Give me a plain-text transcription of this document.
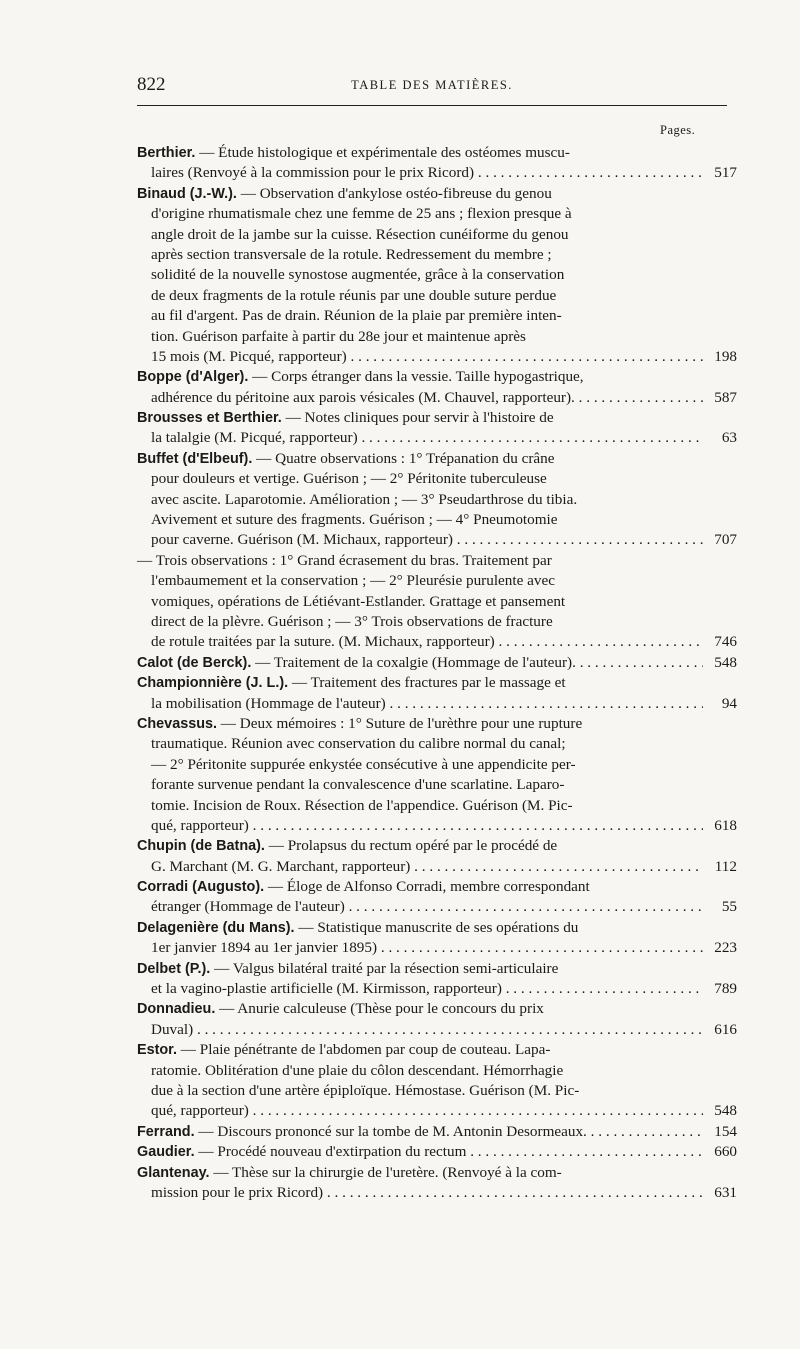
822	TABLE DES MATIÈRES.
Pages.
Berthier. — Étude histologique et expérimentale des ostéomes muscu-
laires (Renvoyé à la commission pour le prix Ricord) . . .	517
Binaud (J.-W.). — Observation d'ankylose ostéo-fibreuse du genou
d'origine rhumatismale chez une femme de 25 ans ; flexion presque à
angle droit de la jambe sur la cuisse. Résection cunéiforme du genou
après section transversale de la rotule. Redressement du membre ;
solidité de la nouvelle synostose augmentée, grâce à la conservation
de deux fragments de la rotule réunis par une double suture perdue
au fil d'argent. Pas de drain. Réunion de la plaie par première inten-
tion. Guérison parfaite à partir du 28e jour et maintenue après
15 mois (M. Picqué, rapporteur) . . .	198
Boppe (d'Alger). — Corps étranger dans la vessie. Taille hypogastrique,
adhérence du péritoine aux parois vésicales (M. Chauvel, rapporteur). . . .	587
Brousses et Berthier. — Notes cliniques pour servir à l'histoire de
la talalgie (M. Picqué, rapporteur) . . .	63
Buffet (d'Elbeuf). — Quatre observations : 1° Trépanation du crâne
pour douleurs et vertige. Guérison ; — 2° Péritonite tuberculeuse
avec ascite. Laparotomie. Amélioration ; — 3° Pseudarthrose du tibia.
Avivement et suture des fragments. Guérison ; — 4° Pneumotomie
pour caverne. Guérison (M. Michaux, rapporteur) . . .	707
— Trois observations : 1° Grand écrasement du bras. Traitement par
l'embaumement et la conservation ; — 2° Pleurésie purulente avec
vomiques, opérations de Létiévant-Estlander. Grattage et pansement
direct de la plèvre. Guérison ; — 3° Trois observations de fracture
de rotule traitées par la suture. (M. Michaux, rapporteur) . . .	746
Calot (de Berck). — Traitement de la coxalgie (Hommage de l'auteur). . . .	548
Championnière (J. L.). — Traitement des fractures par le massage et
la mobilisation (Hommage de l'auteur) . . .	94
Chevassus. — Deux mémoires : 1° Suture de l'urèthre pour une rupture
traumatique. Réunion avec conservation du calibre normal du canal;
— 2° Péritonite suppurée enkystée consécutive à une appendicite per-
forante survenue pendant la convalescence d'une scarlatine. Laparo-
tomie. Incision de Roux. Résection de l'appendice. Guérison (M. Pic-
qué, rapporteur) . . .	618
Chupin (de Batna). — Prolapsus du rectum opéré par le procédé de
G. Marchant (M. G. Marchant, rapporteur) . . .	112
Corradi (Augusto). — Éloge de Alfonso Corradi, membre correspondant
étranger (Hommage de l'auteur) . . .	55
Delagenière (du Mans). — Statistique manuscrite de ses opérations du
1er janvier 1894 au 1er janvier 1895) . . .	223
Delbet (P.). — Valgus bilatéral traité par la résection semi-articulaire
et la vagino-plastie artificielle (M. Kirmisson, rapporteur) . . .	789
Donnadieu. — Anurie calculeuse (Thèse pour le concours du prix
Duval) . . .	616
Estor. — Plaie pénétrante de l'abdomen par coup de couteau. Lapa-
ratomie. Oblitération d'une plaie du côlon descendant. Hémorrhagie
due à la section d'une artère épiploïque. Hémostase. Guérison (M. Pic-
qué, rapporteur) . . .	548
Ferrand. — Discours prononcé sur la tombe de M. Antonin Desormeaux. . . .	154
Gaudier. — Procédé nouveau d'extirpation du rectum . . .	660
Glantenay. — Thèse sur la chirurgie de l'uretère. (Renvoyé à la com-
mission pour le prix Ricord) . . .	631
